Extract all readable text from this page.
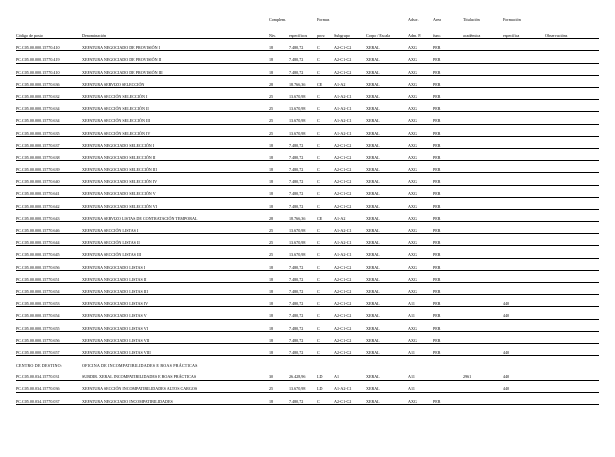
		Complem.		Formas			Adscr.	Área	Titulación	Formación	
Código de posto	Denominación	Niv.	específicos	prov.	Subgrupo	Corpo / Escala	Adm. P.	func.	académica	específica	Observacións
PC.C05.00.000.15770.410	XEFATURA NEGOCIADO DE PROVISIÓN I	18	7.480,72	C	A2-C1-C2	XERAL	AXG	PER			
PC.C05.00.000.15770.419	XEFATURA NEGOCIADO DE PROVISIÓN II	18	7.480,72	C	A2-C1-C2	XERAL	AXG	PER			
PC.C05.00.000.15770.410	XEFATURA NEGOCIADO DE PROVISIÓN III	18	7.480,72	C	A2-C1-C2	XERAL	AXG	PER			
PC.C05.00.000.15770.636	XEFATURA SERVIZO SELECCIÓN	28	18.766,36	CE	A1-A2	XERAL	AXG	PER			
PC.C05.00.000.15770.632	XEFATURA SECCIÓN SELECCIÓN I	25	13.670,98	C	A1-A2-C1	XERAL	AXG	PER			
PC.C05.00.000.15770.634	XEFATURA SECCIÓN SELECCIÓN II	25	13.670,98	C	A1-A2-C1	XERAL	AXG	PER			
PC.C05.00.000.15770.634	XEFATURA SECCIÓN SELECCIÓN III	25	13.670,98	C	A1-A2-C1	XERAL	AXG	PER			
PC.C05.00.000.15770.635	XEFATURA SECCIÓN SELECCIÓN IV	25	13.670,98	C	A1-A2-C1	XERAL	AXG	PER			
PC.C05.00.000.15770.637	XEFATURA NEGOCIADO SELECCIÓN I	18	7.480,72	C	A2-C1-C2	XERAL	AXG	PER			
PC.C05.00.000.15770.638	XEFATURA NEGOCIADO SELECCIÓN II	18	7.480,72	C	A2-C1-C2	XERAL	AXG	PER			
PC.C05.00.000.15770.639	XEFATURA NEGOCIADO SELECCIÓN III	18	7.480,72	C	A2-C1-C2	XERAL	AXG	PER			
PC.C05.00.000.15770.640	XEFATURA NEGOCIADO SELECCIÓN IV	18	7.480,72	C	A2-C1-C2	XERAL	AXG	PER			
PC.C05.00.000.15770.641	XEFATURA NEGOCIADO SELECCIÓN V	18	7.480,72	C	A2-C1-C2	XERAL	AXG	PER			
PC.C05.00.000.15770.642	XEFATURA NEGOCIADO SELECCIÓN VI	18	7.480,72	C	A2-C1-C2	XERAL	AXG	PER			
PC.C05.00.000.15770.643	XEFATURA SERVIZO LISTAS DE CONTRATACIÓN TEMPORAL	28	18.766,36	CE	A1-A2	XERAL	AXG	PER			
PC.C05.00.000.15770.646	XEFATURA SECCIÓN LISTAS I	25	13.670,98	C	A1-A2-C1	XERAL	AXG	PER			
PC.C05.00.000.15770.644	XEFATURA SECCIÓN LISTAS II	25	13.670,98	C	A1-A2-C1	XERAL	AXG	PER			
PC.C05.00.000.15770.645	XEFATURA SECCIÓN LISTAS III	25	13.670,98	C	A1-A2-C1	XERAL	AXG	PER			
PC.C05.00.000.15770.656	XEFATURA NEGOCIADO LISTAS I	18	7.480,72	C	A2-C1-C2	XERAL	AXG	PER			
PC.C05.00.000.15770.651	XEFATURA NEGOCIADO LISTAS II	18	7.480,72	C	A2-C1-C2	XERAL	AXG	PER			
PC.C05.00.000.15770.654	XEFATURA NEGOCIADO LISTAS III	18	7.480,72	C	A2-C1-C2	XERAL	AXG	PER			
PC.C05.00.000.15770.653	XEFATURA NEGOCIADO LISTAS IV	18	7.480,72	C	A2-C1-C2	XERAL	A11	PER		440	
PC.C05.00.000.15770.654	XEFATURA NEGOCIADO LISTAS V	18	7.480,72	C	A2-C1-C2	XERAL	A11	PER		440	
PC.C05.00.000.15770.655	XEFATURA NEGOCIADO LISTAS VI	18	7.480,72	C	A2-C1-C2	XERAL	AXG	PER			
PC.C05.00.000.15770.656	XEFATURA NEGOCIADO LISTAS VII	18	7.480,72	C	A2-C1-C2	XERAL	AXG	PER			
PC.C05.00.000.15770.657	XEFATURA NEGOCIADO LISTAS VIII	18	7.480,72	C	A2-C1-C2	XERAL	A11	PER		440	
CENTRO DE DESTINO:	OFICINA DE INCOMPATIBILIDADES E BOAS PRÁCTICAS										
PC.C05.00.034.15770.031	SUBDIR. XERAL INCOMPATIBILIDADES E BOAS PRÁCTICAS	30	26.428,96	LD	A1	XERAL	A11		2961	440	
PC.C05.00.034.15770.036	XEFATURA SECCIÓN INCOMPATIBILIDADES ALTOS CARGOS	25	13.670,98	LD	A1-A2-C1	XERAL	A11			440	
PC.C05.00.034.15770.037	XEFATURA NEGOCIADO INCOMPATIBILIDADES	18	7.480,72	C	A2-C1-C2	XERAL	AXG	PER			
